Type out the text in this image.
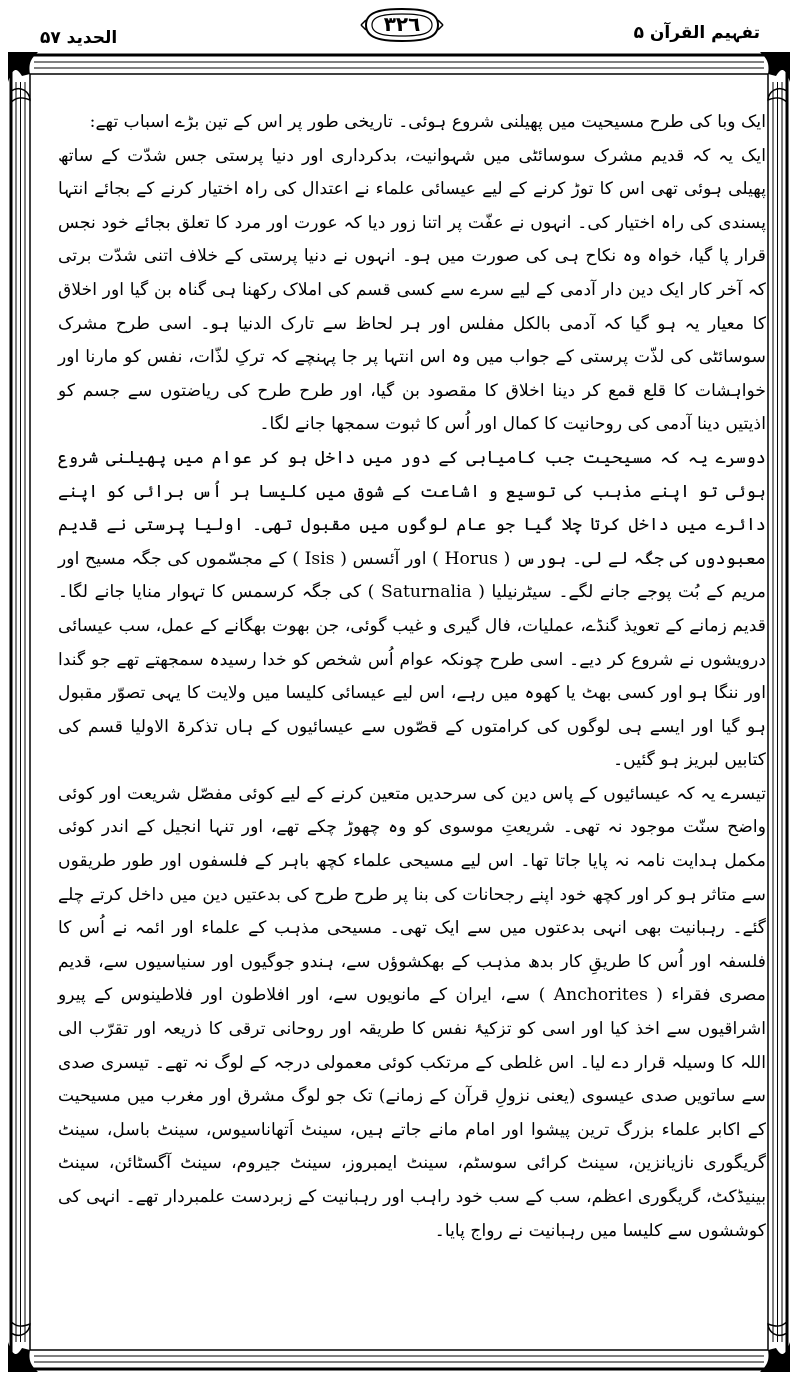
الحدید ۵۷
٣٢٦	تفہیم القرآن ۵

ایک وبا کی طرح مسیحیت میں پھیلنی شروع ہوئی۔ تاریخی طور پر اس کے تین بڑے اسباب تھے:

ایک یہ کہ قدیم مشرک سوسائٹی میں شہوانیت، بدکرداری اور دنیا پرستی جس شدّت کے ساتھ پھیلی ہوئی تھی اس کا توڑ کرنے کے لیے عیسائی علماء نے اعتدال کی راہ اختیار کرنے کے بجائے انتہا پسندی کی راہ اختیار کی۔ انہوں نے عفّت پر اتنا زور دیا کہ عورت اور مرد کا تعلق بجائے خود نجس قرار پا گیا، خواہ وہ نکاح ہی کی صورت میں ہو۔ انہوں نے دنیا پرستی کے خلاف اتنی شدّت برتی کہ آخر کار ایک دین دار آدمی کے لیے سرے سے کسی قسم کی املاک رکھنا ہی گناہ بن گیا اور اخلاق کا معیار یہ ہو گیا کہ آدمی بالکل مفلس اور ہر لحاظ سے تارک الدنیا ہو۔ اسی طرح مشرک سوسائٹی کی لذّت پرستی کے جواب میں وہ اس انتہا پر جا پہنچے کہ ترکِ لذّات، نفس کو مارنا اور خواہشات کا قلع قمع کر دینا اخلاق کا مقصود بن گیا، اور طرح طرح کی ریاضتوں سے جسم کو اذیتیں دینا آدمی کی روحانیت کا کمال اور اُس کا ثبوت سمجھا جانے لگا۔

دوسرے یہ کہ مسیحیت جب کامیابی کے دور میں داخل ہو کر عوام میں پھیلنی شروع ہوئی تو اپنے مذہب کی توسیع و اشاعت کے شوق میں کلیسا ہر اُس برائی کو اپنے دائرے میں داخل کرتا چلا گیا جو عام لوگوں میں مقبول تھی۔ اولیا پرستی نے قدیم معبودوں کی جگہ لے لی۔ ہورس ( Horus ) اور آئسس ( Isis ) کے مجسّموں کی جگہ مسیح اور مریم کے بُت پوجے جانے لگے۔ سیٹرنیلیا ( Saturnalia ) کی جگہ کرسمس کا تہوار منایا جانے لگا۔ قدیم زمانے کے تعویذ گنڈے، عملیات، فال گیری و غیب گوئی، جن بھوت بھگانے کے عمل، سب عیسائی درویشوں نے شروع کر دیے۔ اسی طرح چونکہ عوام اُس شخص کو خدا رسیدہ سمجھتے تھے جو گندا اور ننگا ہو اور کسی بھٹ یا کھوہ میں رہے، اس لیے عیسائی کلیسا میں ولایت کا یہی تصوّر مقبول ہو گیا اور ایسے ہی لوگوں کی کرامتوں کے قصّوں سے عیسائیوں کے ہاں تذکرۃ الاولیا قسم کی کتابیں لبریز ہو گئیں۔

تیسرے یہ کہ عیسائیوں کے پاس دین کی سرحدیں متعین کرنے کے لیے کوئی مفصّل شریعت اور کوئی واضح سنّت موجود نہ تھی۔ شریعتِ موسوی کو وہ چھوڑ چکے تھے، اور تنہا انجیل کے اندر کوئی مکمل ہدایت نامہ نہ پایا جاتا تھا۔ اس لیے مسیحی علماء کچھ باہر کے فلسفوں اور طور طریقوں سے متاثر ہو کر اور کچھ خود اپنے رجحانات کی بنا پر طرح طرح کی بدعتیں دین میں داخل کرتے چلے گئے۔ رہبانیت بھی انہی بدعتوں میں سے ایک تھی۔ مسیحی مذہب کے علماء اور ائمہ نے اُس کا فلسفہ اور اُس کا طریقِ کار بدھ مذہب کے بھکشوؤں سے، ہندو جوگیوں اور سنیاسیوں سے، قدیم مصری فقراء ( Anchorites ) سے، ایران کے مانویوں سے، اور افلاطون اور فلاطینوس کے پیرو اشراقیوں سے اخذ کیا اور اسی کو تزکیۂ نفس کا طریقہ اور روحانی ترقی کا ذریعہ اور تقرّب الی اللہ کا وسیلہ قرار دے لیا۔ اس غلطی کے مرتکب کوئی معمولی درجہ کے لوگ نہ تھے۔ تیسری صدی سے ساتویں صدی عیسوی (یعنی نزولِ قرآن کے زمانے) تک جو لوگ مشرق اور مغرب میں مسیحیت کے اکابر علماء بزرگ ترین پیشوا اور امام مانے جاتے ہیں، سینٹ اَتھاناسیوس، سینٹ باسل، سینٹ گریگوری نازیانزین، سینٹ کرائی سوسٹم، سینٹ ایمبروز، سینٹ جیروم، سینٹ آگسٹائن، سینٹ بینیڈکٹ، گریگوری اعظم، سب کے سب خود راہب اور رہبانیت کے زبردست علمبردار تھے۔ انہی کی کوششوں سے کلیسا میں رہبانیت نے رواج پایا۔
